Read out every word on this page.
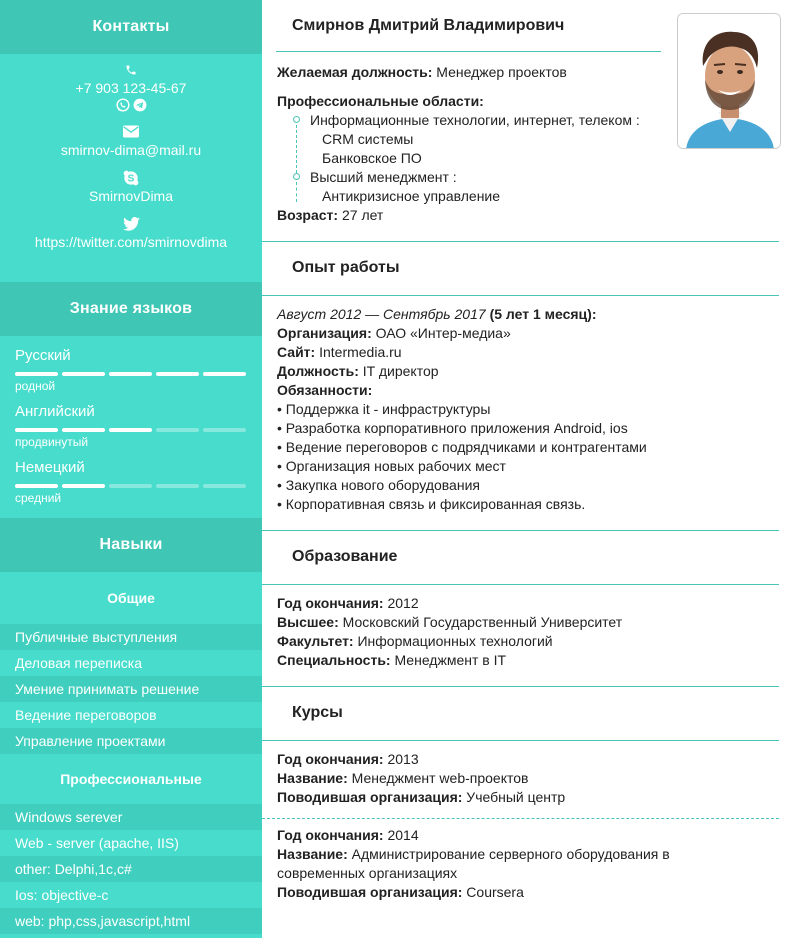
Контакты
+7 903 123-45-67
smirnov-dima@mail.ru
S
SmirnovDima
https://twitter.com/smirnovdima
Знание языков
Русский
родной
Английский
продвинутый
Немецкий
средний
Навыки
Общие
Публичные выступления
Деловая переписка
Умение принимать решение
Ведение переговоров
Управление проектами
Профессиональные
Windows serever
Web - server (apache, IIS)
other: Delphi,1c,c#
Ios: objective-c
web: php,css,javascript,html
Смирнов Дмитрий Владимирович
Желаемая должность: Менеджер проектов
Профессиональные области:
Информационные технологии, интернет, телеком :
CRM системы
Банковское ПО
Высший менеджмент :
Антикризисное управление
Возраст: 27 лет
Опыт работы
Август 2012 — Сентябрь 2017 (5 лет 1 месяц):
Организация: ОАО «Интер-медиа»
Сайт: Intermedia.ru
Должность: IT директор
Обязанности:
• Поддержка it - инфраструктуры
• Разработка корпоративного приложения Android, ios
• Ведение переговоров с подрядчиками и контрагентами
• Организация новых рабочих мест
• Закупка нового оборудования
• Корпоративная связь и фиксированная связь.
Образование
Год окончания: 2012
Высшее: Московский Государственный Университет
Факультет: Информационных технологий
Специальность: Менеджмент в IT
Курсы
Год окончания: 2013
Название: Менеджмент web-проектов
Поводившая организация: Учебный центр
Год окончания: 2014
Название: Администрирование серверного оборудования в
современных организациях
Поводившая организация: Coursera
